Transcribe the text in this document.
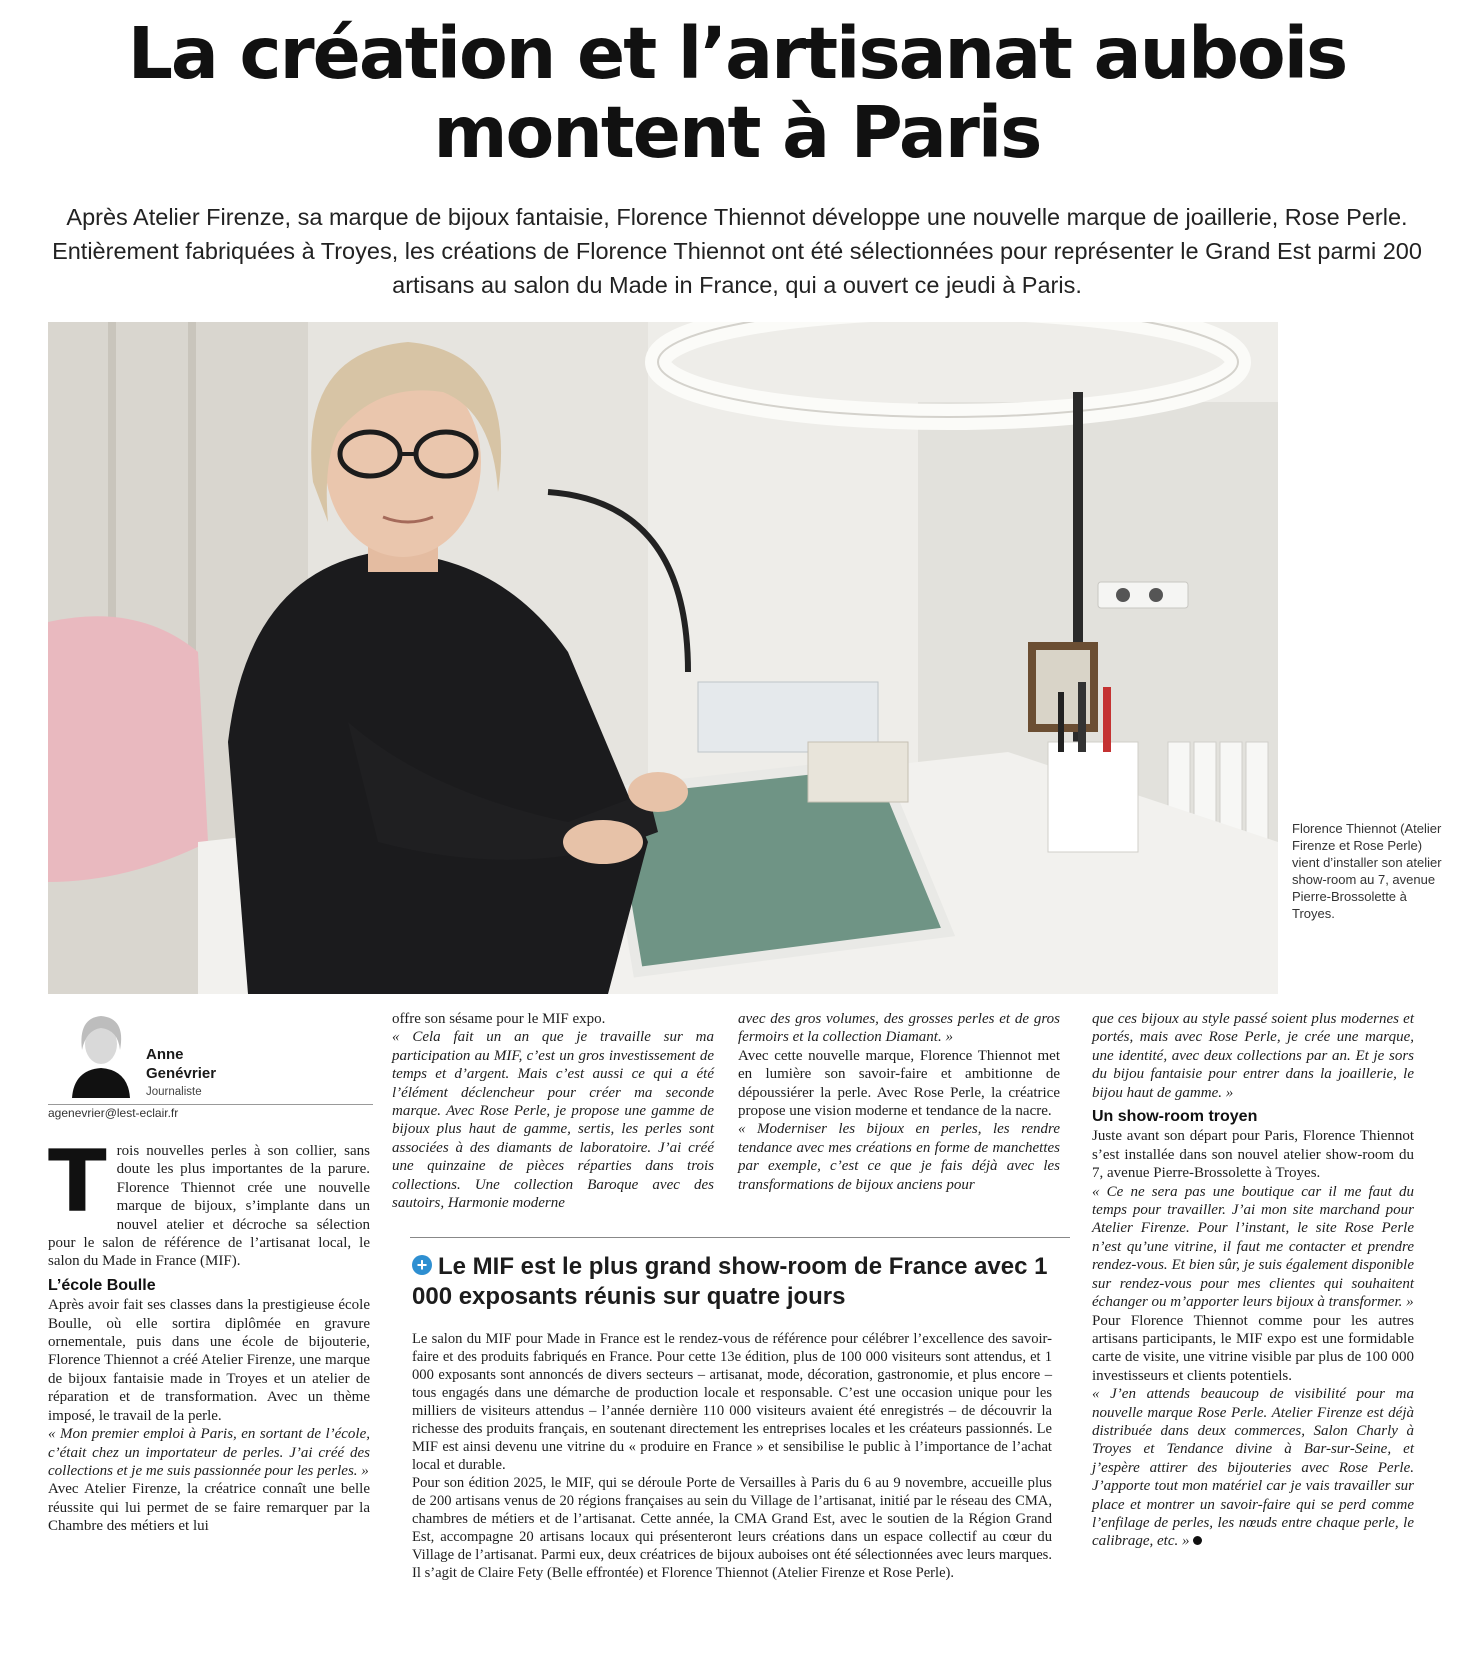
La création et l’artisanat aubois
montent à Paris

Après Atelier Firenze, sa marque de bijoux fantaisie, Florence Thiennot développe une nouvelle marque de joaillerie, Rose Perle. Entièrement fabriquées à Troyes, les créations de Florence Thiennot ont été sélectionnées pour représenter le Grand Est parmi 200 artisans au salon du Made in France, qui a ouvert ce jeudi à Paris.

Florence Thiennot (Atelier Firenze et Rose Perle) vient d’installer son atelier show-room au 7, avenue Pierre-Brossolette à Troyes.

Anne
Genévrier
Journaliste
agenevrier@lest-eclair.fr

Trois nouvelles perles à son collier, sans doute les plus importantes de la parure. Florence Thiennot crée une nouvelle marque de bijoux, s’implante dans un nouvel atelier et décroche sa sélection pour le salon de référence de l’artisanat local, le salon du Made in France (MIF).

L’école Boulle

Après avoir fait ses classes dans la prestigieuse école Boulle, où elle sortira diplômée en gravure ornementale, puis dans une école de bijouterie, Florence Thiennot a créé Atelier Firenze, une marque de bijoux fantaisie made in Troyes et un atelier de réparation et de transformation. Avec un thème imposé, le travail de la perle.

« Mon premier emploi à Paris, en sortant de l’école, c’était chez un importateur de perles. J’ai créé des collections et je me suis passionnée pour les perles. »

Avec Atelier Firenze, la créatrice connaît une belle réussite qui lui permet de se faire remarquer par la Chambre des métiers et lui

offre son sésame pour le MIF expo.

« Cela fait un an que je travaille sur ma participation au MIF, c’est un gros investissement de temps et d’argent. Mais c’est aussi ce qui a été l’élément déclencheur pour créer ma seconde marque. Avec Rose Perle, je propose une gamme de bijoux plus haut de gamme, sertis, les perles sont associées à des diamants de laboratoire. J’ai créé une quinzaine de pièces réparties dans trois collections. Une collection Baroque avec des sautoirs, Harmonie moderne

avec des gros volumes, des grosses perles et de gros fermoirs et la collection Diamant. »

Avec cette nouvelle marque, Florence Thiennot met en lumière son savoir-faire et ambitionne de dépoussiérer la perle. Avec Rose Perle, la créatrice propose une vision moderne et tendance de la nacre.

« Moderniser les bijoux en perles, les rendre tendance avec mes créations en forme de manchettes par exemple, c’est ce que je fais déjà avec les transformations de bijoux anciens pour

que ces bijoux au style passé soient plus modernes et portés, mais avec Rose Perle, je crée une marque, une identité, avec deux collections par an. Et je sors du bijou fantaisie pour entrer dans la joaillerie, le bijou haut de gamme. »

Un show-room troyen

Juste avant son départ pour Paris, Florence Thiennot s’est installée dans son nouvel atelier show-room du 7, avenue Pierre-Brossolette à Troyes.

« Ce ne sera pas une boutique car il me faut du temps pour travailler. J’ai mon site marchand pour Atelier Firenze. Pour l’instant, le site Rose Perle n’est qu’une vitrine, il faut me contacter et prendre rendez-vous. Et bien sûr, je suis également disponible sur rendez-vous pour mes clientes qui souhaitent échanger ou m’apporter leurs bijoux à transformer. »

Pour Florence Thiennot comme pour les autres artisans participants, le MIF expo est une formidable carte de visite, une vitrine visible par plus de 100 000 investisseurs et clients potentiels.

« J’en attends beaucoup de visibilité pour ma nouvelle marque Rose Perle. Atelier Firenze est déjà distribuée dans deux commerces, Salon Charly à Troyes et Tendance divine à Bar-sur-Seine, et j’espère attirer des bijouteries avec Rose Perle. J’apporte tout mon matériel car je vais travailler sur place et montrer un savoir-faire qui se perd comme l’enfilage de perles, les nœuds entre chaque perle, le calibrage, etc. »

+ Le MIF est le plus grand show-room de France avec 1 000 exposants réunis sur quatre jours

Le salon du MIF pour Made in France est le rendez-vous de référence pour célébrer l’excellence des savoir-faire et des produits fabriqués en France. Pour cette 13e édition, plus de 100 000 visiteurs sont attendus, et 1 000 exposants sont annoncés de divers secteurs – artisanat, mode, décoration, gastronomie, et plus encore – tous engagés dans une démarche de production locale et responsable. C’est une occasion unique pour les milliers de visiteurs attendus – l’année dernière 110 000 visiteurs avaient été enregistrés – de découvrir la richesse des produits français, en soutenant directement les entreprises locales et les créateurs passionnés. Le MIF est ainsi devenu une vitrine du « produire en France » et sensibilise le public à l’importance de l’achat local et durable.

Pour son édition 2025, le MIF, qui se déroule Porte de Versailles à Paris du 6 au 9 novembre, accueille plus de 200 artisans venus de 20 régions françaises au sein du Village de l’artisanat, initié par le réseau des CMA, chambres de métiers et de l’artisanat. Cette année, la CMA Grand Est, avec le soutien de la Région Grand Est, accompagne 20 artisans locaux qui présenteront leurs créations dans un espace collectif au cœur du Village de l’artisanat. Parmi eux, deux créatrices de bijoux auboises ont été sélectionnées avec leurs marques. Il s’agit de Claire Fety (Belle effrontée) et Florence Thiennot (Atelier Firenze et Rose Perle).
